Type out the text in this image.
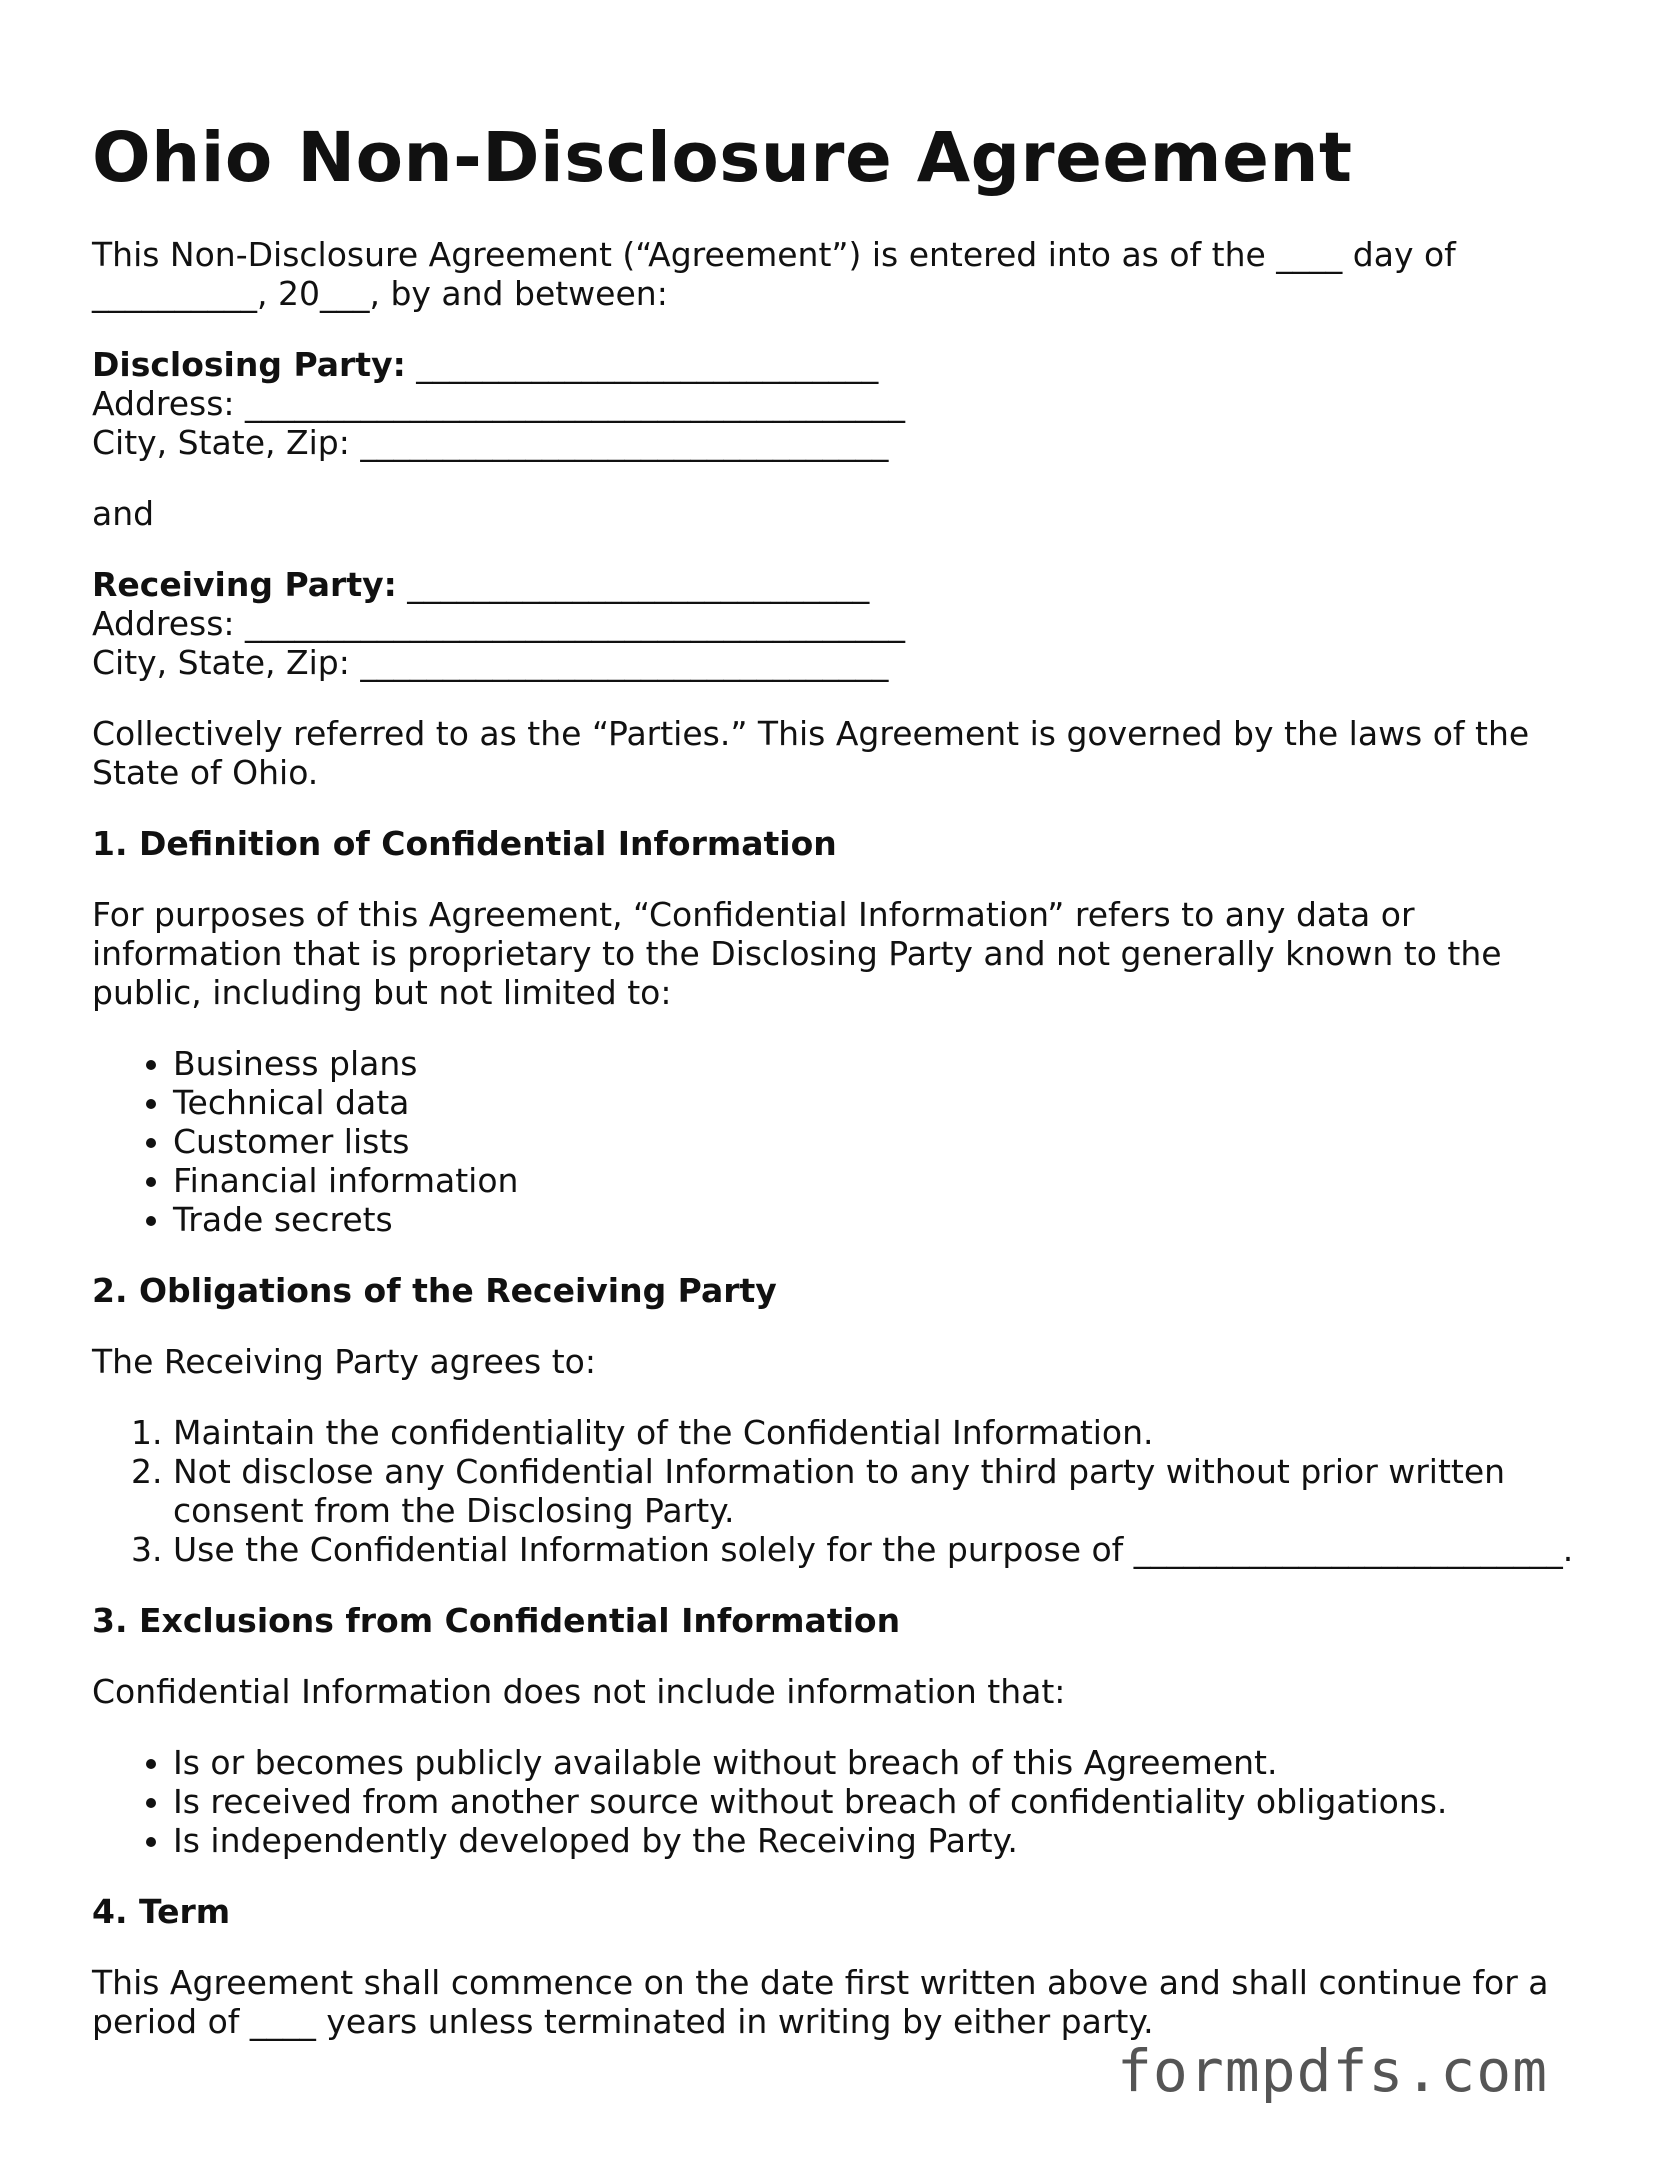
Ohio Non-Disclosure Agreement

This Non-Disclosure Agreement (“Agreement”) is entered into as of the ____ day of

__________, 20___, by and between:

Disclosing Party: ____________________________

Address: ________________________________________

City, State, Zip: ________________________________

and

Receiving Party: ____________________________

Address: ________________________________________

City, State, Zip: ________________________________

Collectively referred to as the “Parties.” This Agreement is governed by the laws of the

State of Ohio.

1. Definition of Confidential Information

For purposes of this Agreement, “Confidential Information” refers to any data or

information that is proprietary to the Disclosing Party and not generally known to the

public, including but not limited to:

• Business plans
• Technical data
• Customer lists
• Financial information
• Trade secrets
2. Obligations of the Receiving Party

The Receiving Party agrees to:

1. Maintain the confidentiality of the Confidential Information.
2. Not disclose any Confidential Information to any third party without prior written consent from the Disclosing Party.
3. Use the Confidential Information solely for the purpose of __________________________.
3. Exclusions from Confidential Information

Confidential Information does not include information that:

• Is or becomes publicly available without breach of this Agreement.
• Is received from another source without breach of confidentiality obligations.
• Is independently developed by the Receiving Party.
4. Term

This Agreement shall commence on the date first written above and shall continue for a

period of ____ years unless terminated in writing by either party.

formpdfs.com
